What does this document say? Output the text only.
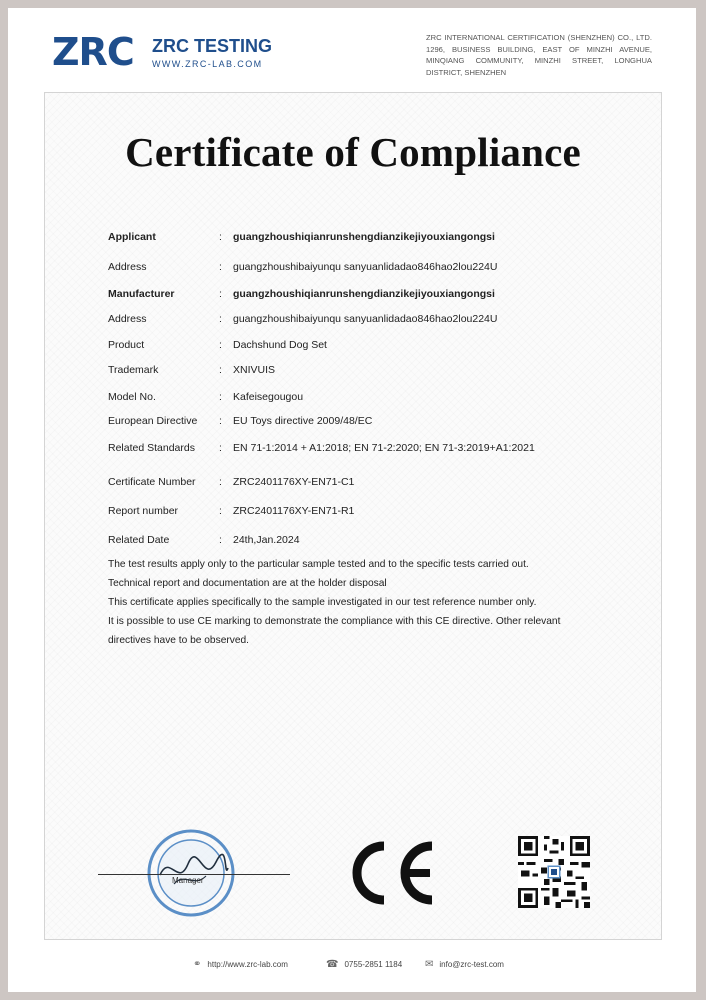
ZRC ZRC TESTING
WWW.ZRC-LAB.COM
ZRC INTERNATIONAL CERTIFICATION (SHENZHEN) CO., LTD. 1296, BUSINESS BUILDING, EAST OF MINZHI AVENUE, MINQIANG COMMUNITY, MINZHI STREET, LONGHUA DISTRICT, SHENZHEN
Certificate of Compliance
Applicant	: guangzhoushiqianrunshengdianzikejiyouxiangongsi
Address	: guangzhoushibaiyunqu sanyuanlidadao846hao2lou224U
Manufacturer	: guangzhoushiqianrunshengdianzikejiyouxiangongsi
Address	: guangzhoushibaiyunqu sanyuanlidadao846hao2lou224U
Product	: Dachshund Dog Set
Trademark	: XNIVUIS
Model No.	: Kafeisegougou
European Directive : EU Toys directive 2009/48/EC
Related Standards : EN 71-1:2014 + A1:2018; EN 71-2:2020; EN 71-3:2019+A1:2021
Certificate Number : ZRC2401176XY-EN71-C1
Report number	: ZRC2401176XY-EN71-R1
Related Date	: 24th,Jan.2024

The test results apply only to the particular sample tested and to the specific tests carried out.

Technical report and documentation are at the holder disposal

This certificate applies specifically to the sample investigated in our test reference number only.

It is possible to use CE marking to demonstrate the compliance with this CE directive. Other relevant directives have to be observed.

Manager
⚭ http://www.zrc-lab.com	☎ 0755-2851 1184 ✉ info@zrc-test.com
